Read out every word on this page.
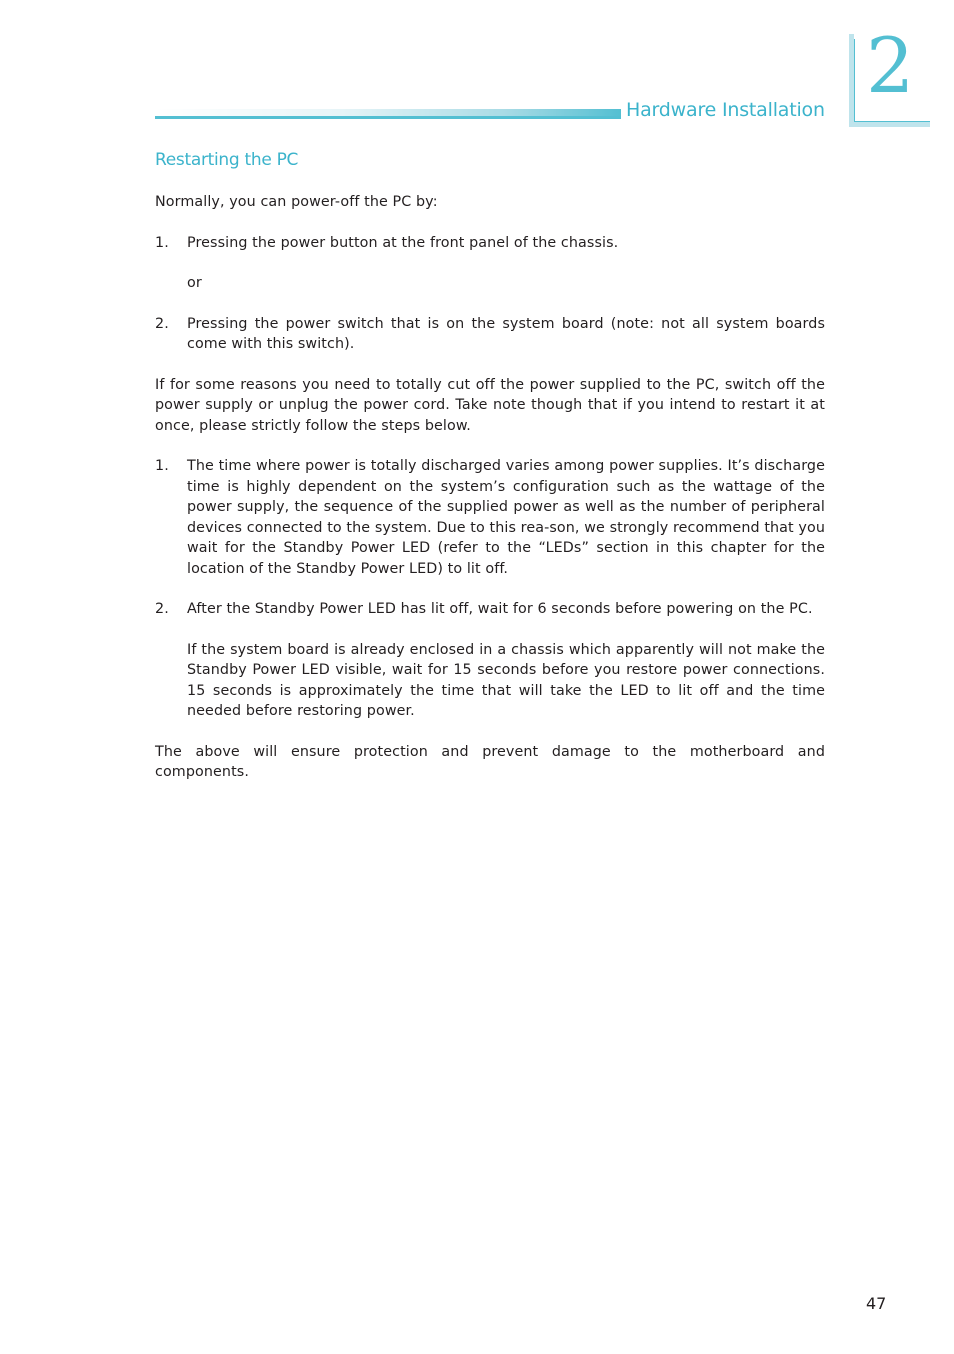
Hardware Installation 2
Restarting the PC

Normally, you can power-off the PC by:

1. Pressing the power button at the front panel of the chassis.
or
2. Pressing the power switch that is on the system board (note: not all system boards come with this switch).

If for some reasons you need to totally cut off the power supplied to the PC, switch off the power supply or unplug the power cord. Take note though that if you intend to restart it at once, please strictly follow the steps below.

1. The time where power is totally discharged varies among power supplies. It’s discharge time is highly dependent on the system’s configuration such as the wattage of the power supply, the sequence of the supplied power as well as the number of peripheral devices connected to the system. Due to this rea-son, we strongly recommend that you wait for the Standby Power LED (refer to the “LEDs” section in this chapter for the location of the Standby Power LED) to lit off.
2. After the Standby Power LED has lit off, wait for 6 seconds before powering on the PC.
If the system board is already enclosed in a chassis which apparently will not make the Standby Power LED visible, wait for 15 seconds before you restore power connections. 15 seconds is approximately the time that will take the LED to lit off and the time needed before restoring power.

The above will ensure protection and prevent damage to the motherboard and components.

47
